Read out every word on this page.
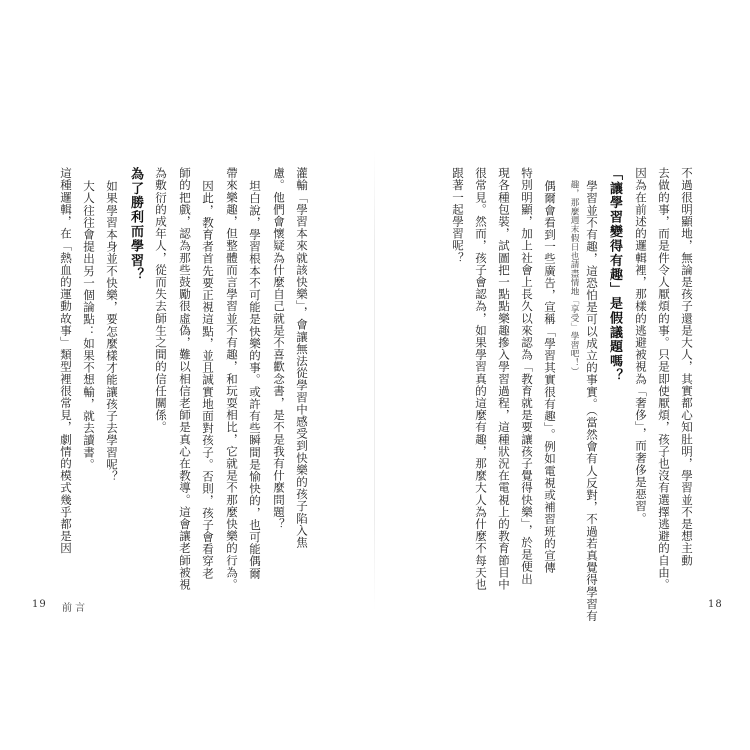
灌輸「學習本來就該快樂」，會讓無法從學習中感受到快樂的孩子陷入焦
慮。他們會懷疑為什麼自己就是不喜歡念書，是不是我有什麼問題？
坦白說，學習根本不可能是快樂的事。或許有些瞬間是愉快的，也可能偶爾
帶來樂趣，但整體而言學習並不有趣，和玩耍相比，它就是不那麼快樂的行為。
因此，教育者首先要正視這點，並且誠實地面對孩子。否則，孩子會看穿老
師的把戲，認為那些鼓勵很虛偽，難以相信老師是真心在教導。這會讓老師被視
為敷衍的成年人，從而失去師生之間的信任關係。
為了勝利而學習？
如果學習本身並不快樂，要怎麼樣才能讓孩子去學習呢？
大人往往會提出另一個論點：如果不想輸，就去讀書。
這種邏輯，在「熱血的運動故事」類型裡很常見，劇情的模式幾乎都是因
19 前言
不過很明顯地，無論是孩子還是大人，其實都心知肚明，學習並不是想主動
去做的事，而是件令人厭煩的事。只是即使厭煩，孩子也沒有選擇逃避的自由。
因為在前述的邏輯裡，那樣的逃避被視為「奢侈」，而奢侈是惡習。
「讓學習變得有趣」是假議題嗎？
學習並不有趣，這恐怕是可以成立的事實。（當然會有人反對，不過若真覺得學習有
趣，那麼週末假日也請盡情地「享受」學習吧！）
偶爾會看到一些廣告，宣稱「學習其實很有趣」。例如電視或補習班的宣傳
特別明顯，加上社會上長久以來認為「教育就是要讓孩子覺得快樂」，於是便出
現各種包裝，試圖把一點點樂趣摻入學習過程，這種狀況在電視上的教育節目中
很常見。然而，孩子會認為，如果學習真的這麼有趣，那麼大人為什麼不每天也
跟著一起學習呢？
18
